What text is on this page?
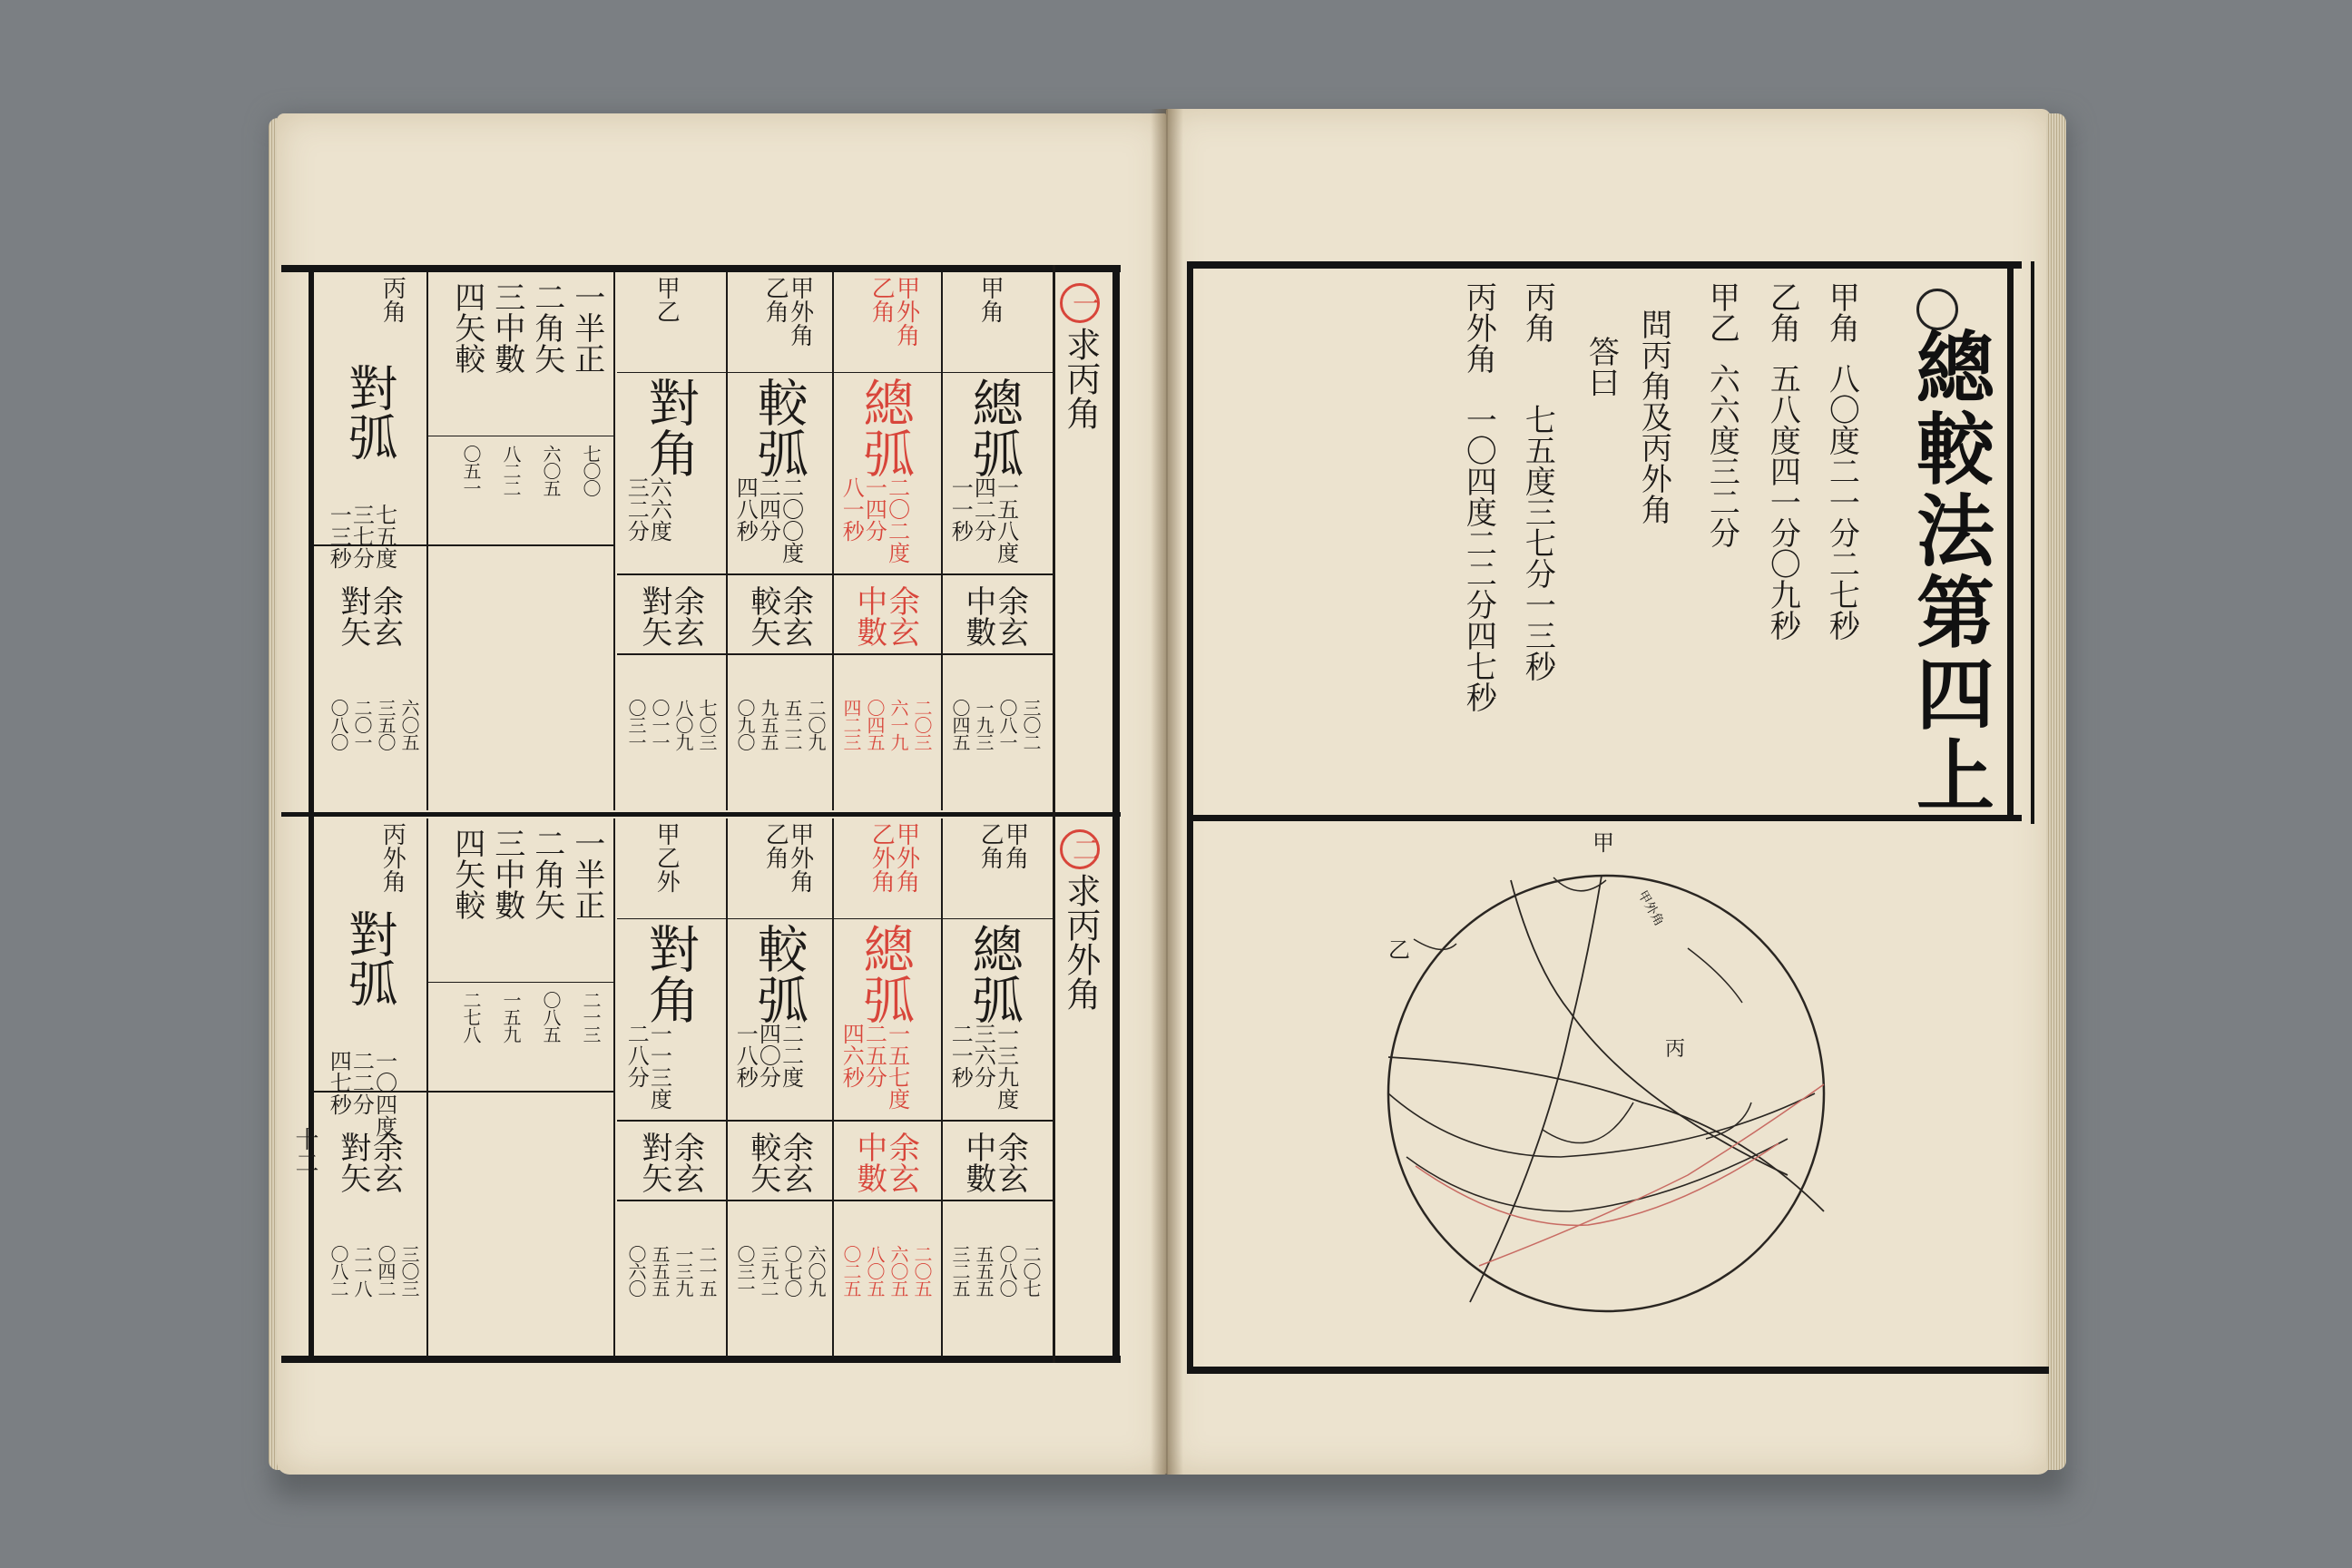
一
求丙角
甲角
總弧
一五八度
四二分
一一秒
余玄
中數
三〇二
〇八一
一九三
〇四五
甲外角
乙角
總弧
二〇二度
一四分
八一秒
余玄
中數
二〇三
六一九
〇四五
四二三
甲外角
乙角
較弧
二〇〇度
二四分
四八秒
余玄
較矢
二〇九
五二二
九五五
〇九〇
甲乙
對角
六六度
三二分
余玄
對矢
七〇三
八〇九
〇一一
〇三一
一半正
二角矢
三中數
四矢較
七〇〇
六〇五
八二二
〇五一
丙角
對弧
七五度
三七分
一三秒
余玄
對矢
六〇五
三五〇
二〇一
〇八〇
二
求丙外角
甲角
乙角
總弧
一三九度
三六分
二一秒
余玄
中數
二〇七
〇八〇
五五五
三二五
甲外角
乙外角
總弧
一五七度
二五分
四六秒
余玄
中數
二〇五
六〇五
八〇五
〇二五
甲外角
乙角
較弧
二二度
四〇分
一八秒
余玄
較矢
六〇九
〇七〇
三九二
〇三一
甲乙外
對角
一一三度
二八分
余玄
對矢
二一五
一三九
五五五
〇六〇
一半正
二角矢
三中數
四矢較
二一三
〇八五
一五九
二七八
丙外角
對弧
一〇四度
二二分
四七秒
余玄
對矢
三〇三
〇四二
二一八
〇八二
十二
總較法第四上
甲角
八〇度二一分二七秒
乙角
五八度四一分〇九秒
甲乙
六六度三二分
問丙角及丙外角
答曰
丙角
七五度三七分一三秒
丙外角
一〇四度二二分四七秒
甲
乙
丙
甲外角
